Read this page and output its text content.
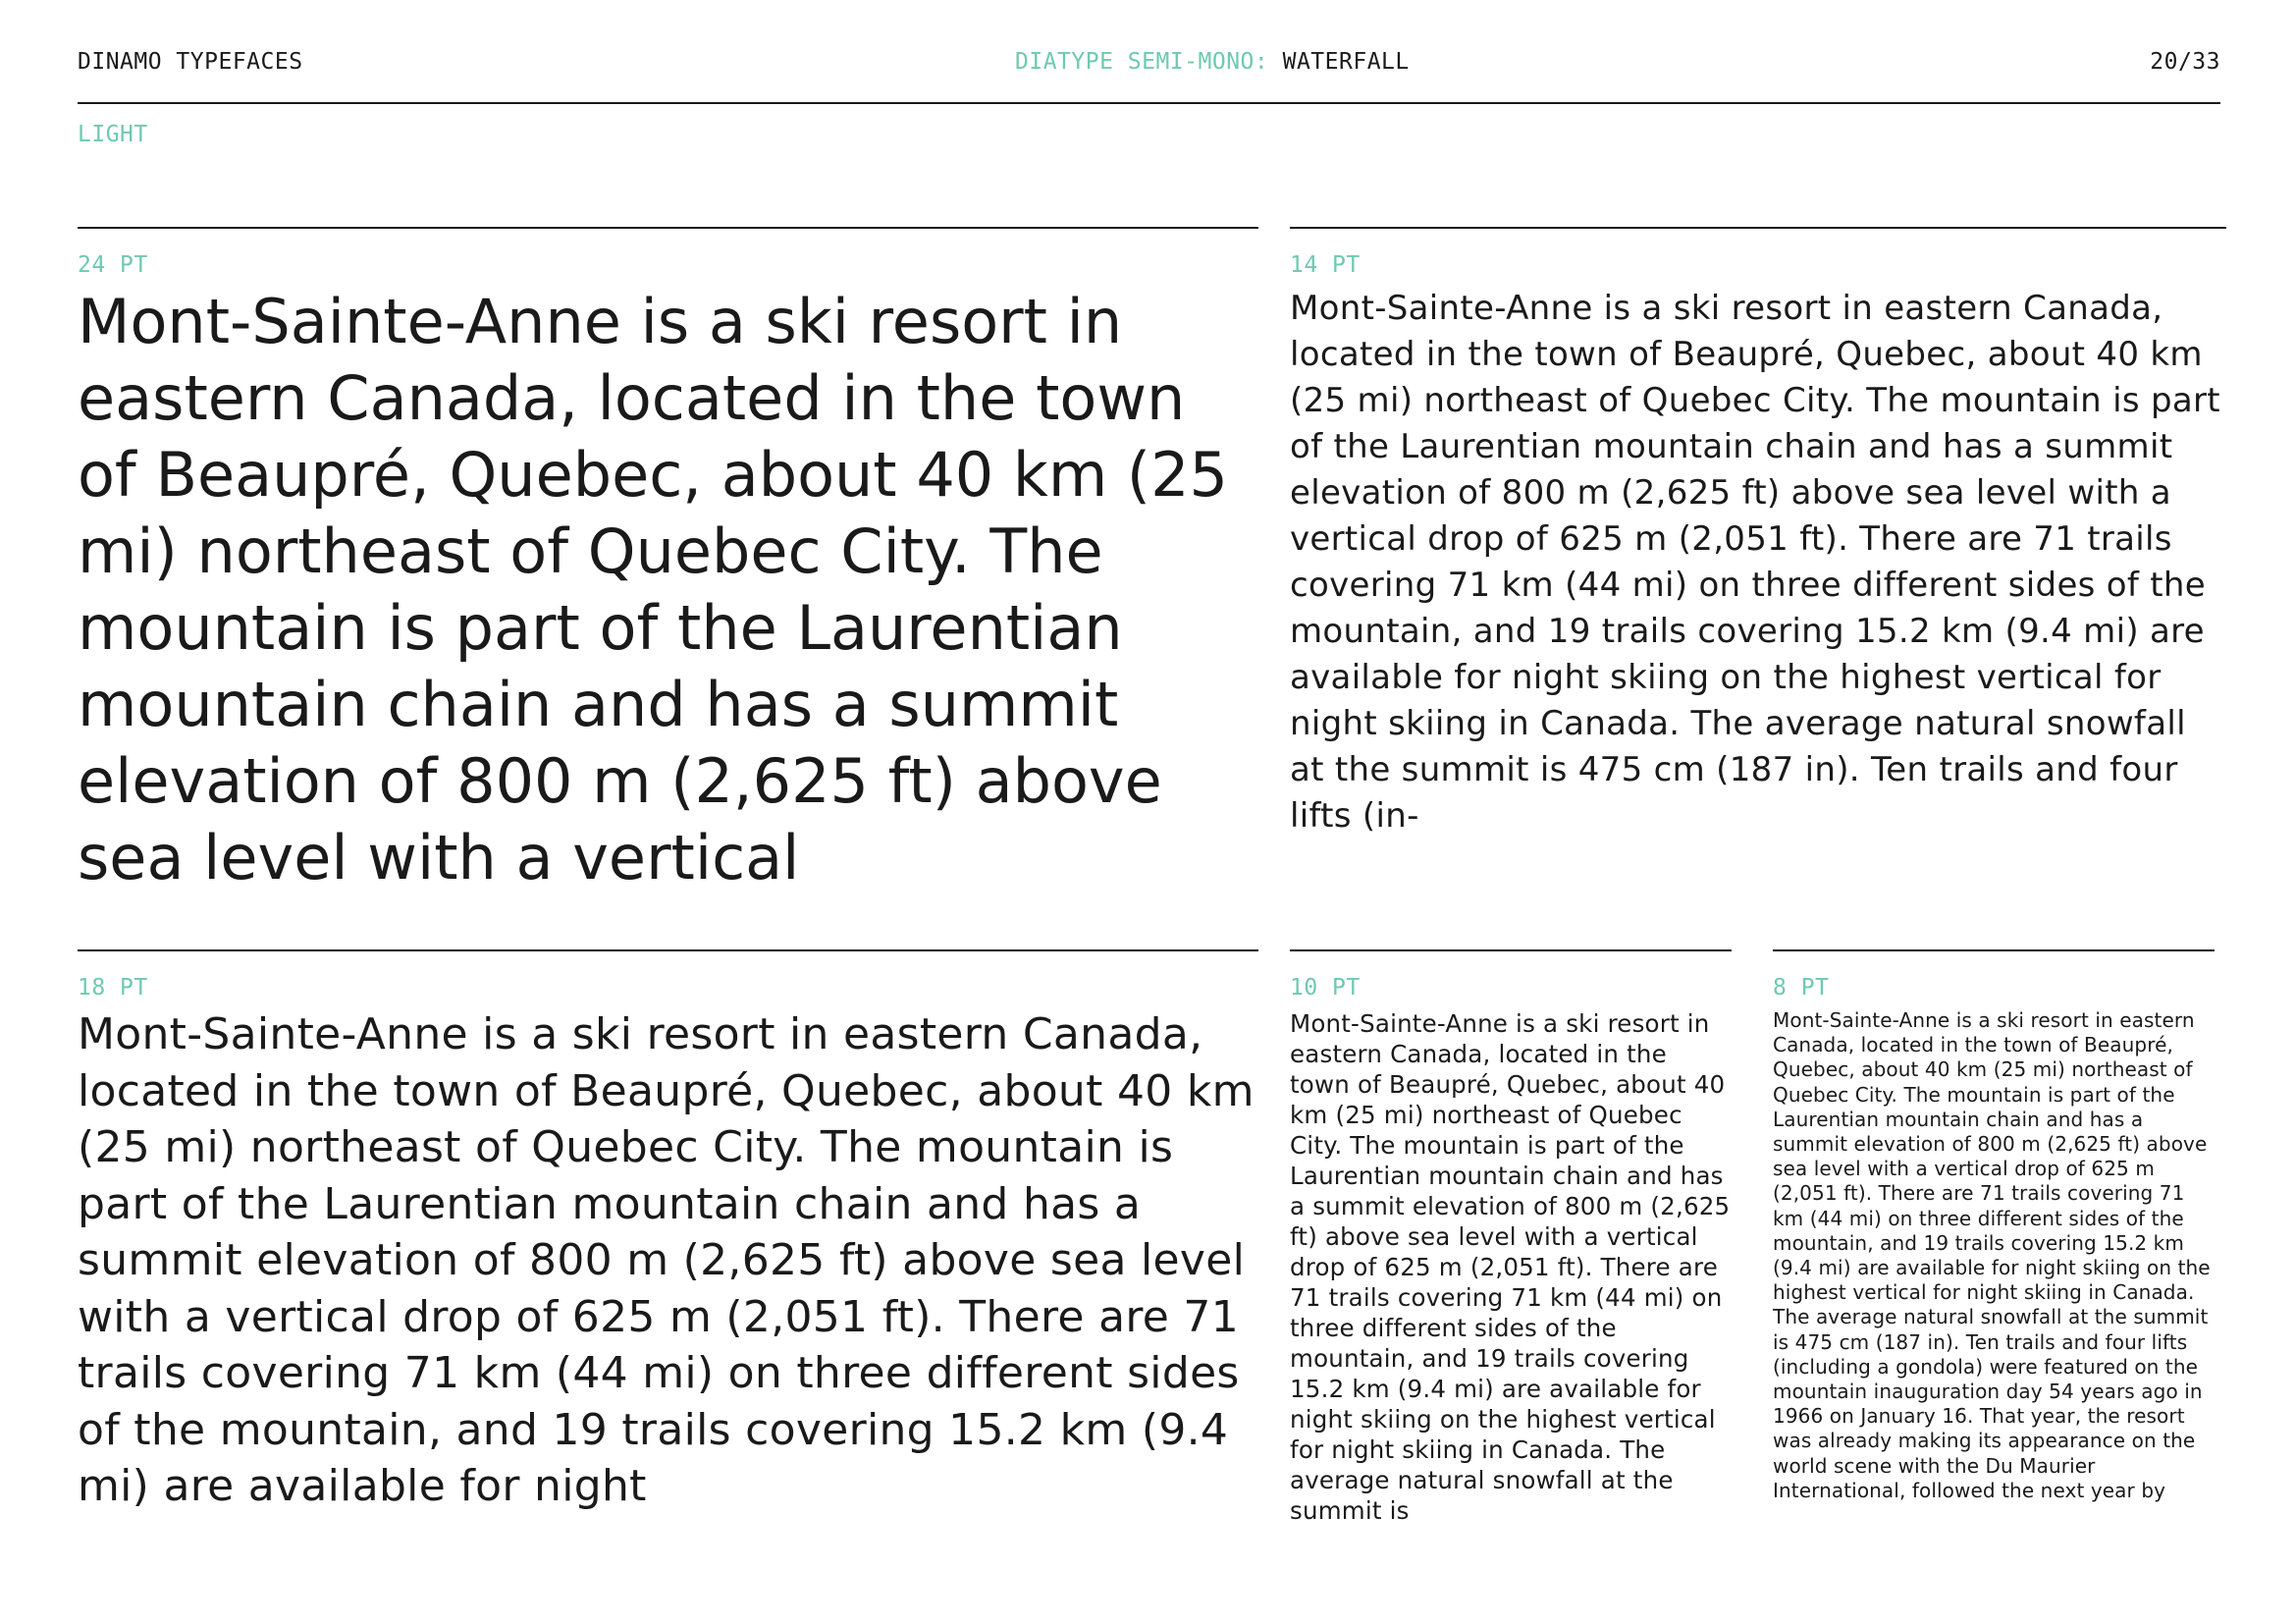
DINAMO TYPEFACES	DIATYPE SEMI-MONO: WATERFALL	20/33
LIGHT
24 PT

Mont-Sainte-Anne is a ski resort in eastern Canada, located in the town of Beaupré, Quebec, about 40 km (25 mi) northeast of Quebec City. The mountain is part of the Laurentian mountain chain and has a summit elevation of 800 m (2,625 ft) above sea level with a vertical

14 PT

Mont-Sainte-Anne is a ski resort in eastern Canada, located in the town of Beaupré, Quebec, about 40 km (25 mi) northeast of Quebec City. The mountain is part of the Laurentian mountain chain and has a summit elevation of 800 m (2,625 ft) above sea level with a vertical drop of 625 m (2,051 ft). There are 71 trails covering 71 km (44 mi) on three different sides of the mountain, and 19 trails covering 15.2 km (9.4 mi) are available for night skiing on the highest vertical for night skiing in Canada. The average natural snowfall at the summit is 475 cm (187 in). Ten trails and four lifts (in-

18 PT

Mont-Sainte-Anne is a ski resort in eastern Canada, located in the town of Beaupré, Quebec, about 40 km (25 mi) northeast of Quebec City. The mountain is part of the Laurentian mountain chain and has a summit elevation of 800 m (2,625 ft) above sea level with a vertical drop of 625 m (2,051 ft). There are 71 trails covering 71 km (44 mi) on three different sides of the mountain, and 19 trails covering 15.2 km (9.4 mi) are available for night

10 PT

Mont-Sainte-Anne is a ski resort in eastern Canada, located in the town of Beaupré, Quebec, about 40 km (25 mi) northeast of Quebec City. The mountain is part of the Laurentian mountain chain and has a summit elevation of 800 m (2,625 ft) above sea level with a vertical drop of 625 m (2,051 ft). There are 71 trails covering 71 km (44 mi) on three different sides of the mountain, and 19 trails covering 15.2 km (9.4 mi) are available for night skiing on the highest vertical for night skiing in Canada. The average natural snowfall at the summit is

8 PT

Mont-Sainte-Anne is a ski resort in eastern Canada, located in the town of Beaupré, Quebec, about 40 km (25 mi) northeast of Quebec City. The mountain is part of the Laurentian mountain chain and has a summit elevation of 800 m (2,625 ft) above sea level with a vertical drop of 625 m (2,051 ft). There are 71 trails covering 71 km (44 mi) on three different sides of the mountain, and 19 trails covering 15.2 km (9.4 mi) are available for night skiing on the highest vertical for night skiing in Canada. The average natural snowfall at the summit is 475 cm (187 in). Ten trails and four lifts (including a gondola) were featured on the mountain inauguration day 54 years ago in 1966 on January 16. That year, the resort was already making its appearance on the world scene with the Du Maurier International, followed the next year by
